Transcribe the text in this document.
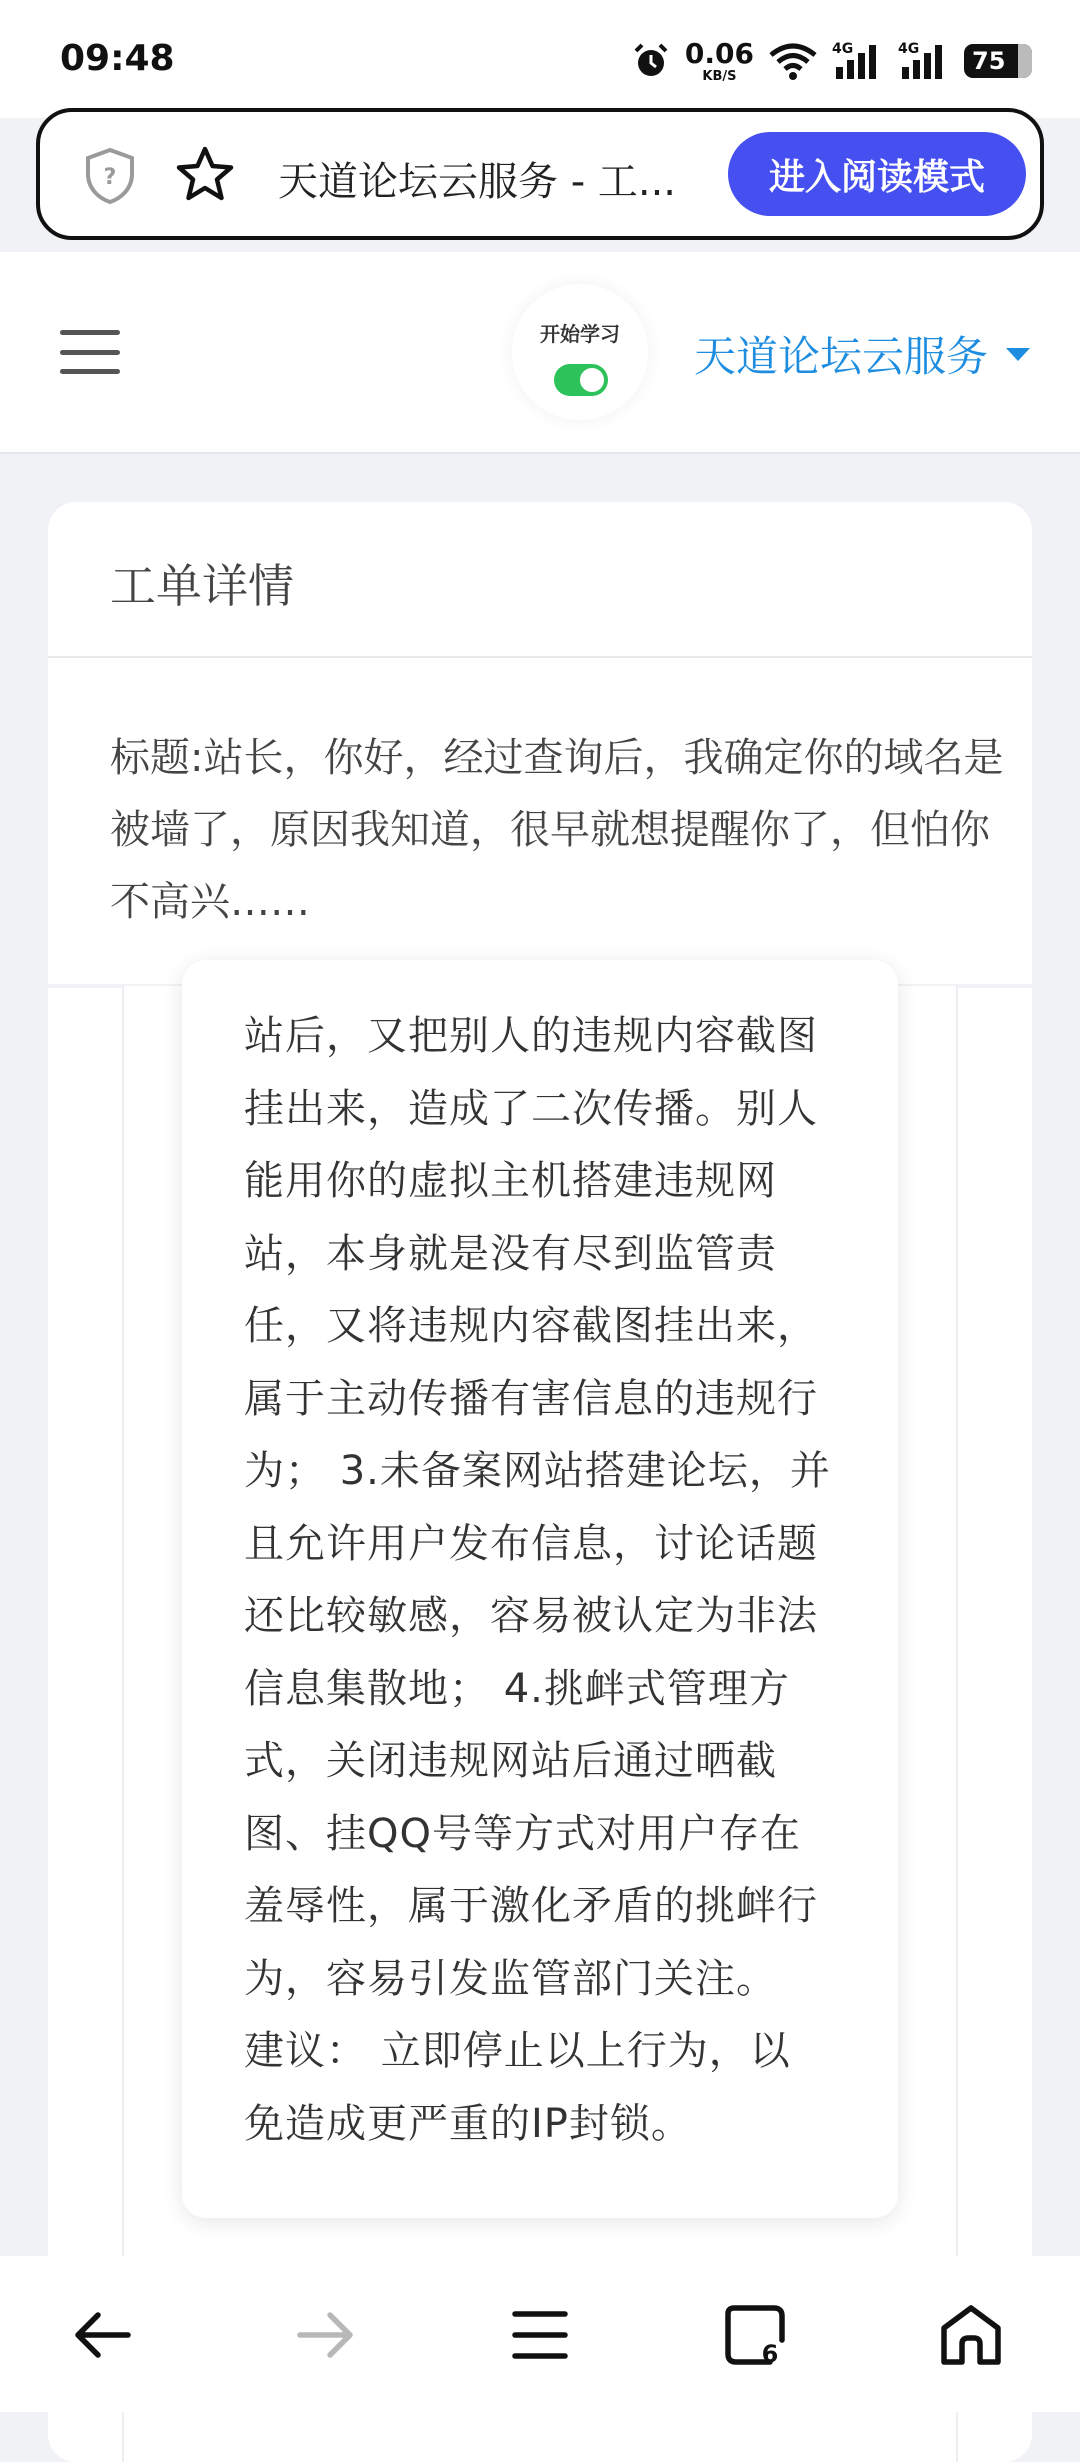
09:48	0.06
KB/S
4G	4G 75
?	天道论坛云服务 - 工...	进入阅读模式
开始学习	天道论坛云服务
工单详情
标题:站长，你好，经过查询后，我确定你的域名是被墙了，原因我知道，很早就想提醒你了，但怕你不高兴……
站后，又把别人的违规内容截图
挂出来，造成了二次传播。别人
能用你的虚拟主机搭建违规网
站，本身就是没有尽到监管责
任，又将违规内容截图挂出来，
属于主动传播有害信息的违规行
为； 3.未备案网站搭建论坛，并
且允许用户发布信息，讨论话题
还比较敏感，容易被认定为非法
信息集散地； 4.挑衅式管理方
式，关闭违规网站后通过晒截
图、挂QQ号等方式对用户存在
羞辱性，属于激化矛盾的挑衅行
为，容易引发监管部门关注。
建议： 立即停止以上行为，以
免造成更严重的IP封锁。
6
